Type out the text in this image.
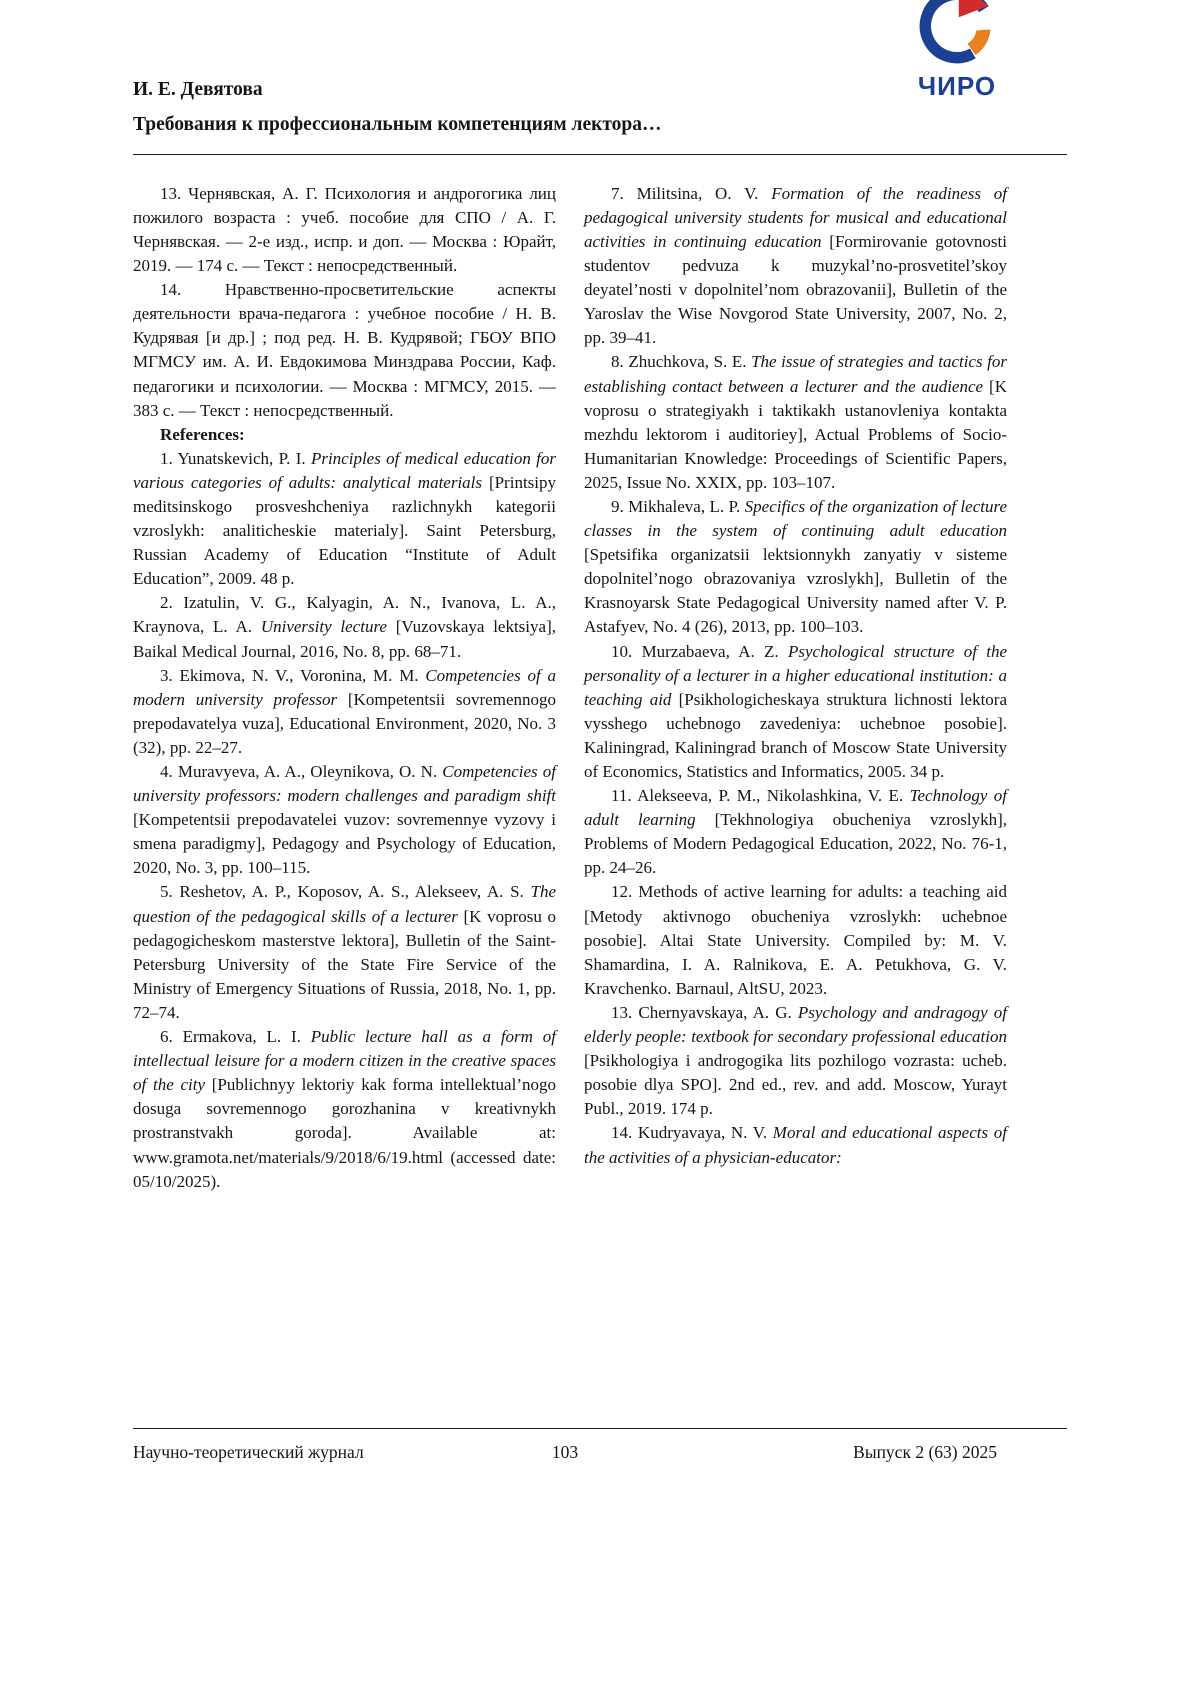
И. Е. Девятова
Требования к профессиональным компетенциям лектора…
ЧИРО

13. Чернявская, А. Г. Психология и андрогогика лиц пожилого возраста : учеб. пособие для СПО / А. Г. Чернявская. — 2-е изд., испр. и доп. — Москва : Юрайт, 2019. — 174 с. — Текст : непосредственный.

14. Нравственно-просветительские аспекты деятельности врача-педагога : учебное пособие / Н. В. Кудрявая [и др.] ; под ред. Н. В. Кудрявой; ГБОУ ВПО МГМСУ им. А. И. Евдокимова Минздрава России, Каф. педагогики и психологии. — Москва : МГМСУ, 2015. — 383 с. — Текст : непосредственный.

References:

1. Yunatskevich, P. I. Principles of medical education for various categories of adults: analytical materials [Printsipy meditsinskogo prosveshcheniya razlichnykh kategorii vzroslykh: analiticheskie materialy]. Saint Petersburg, Russian Academy of Education “Institute of Adult Education”, 2009. 48 p.

2. Izatulin, V. G., Kalyagin, A. N., Ivanova, L. A., Kraynova, L. A. University lecture [Vuzovskaya lektsiya], Baikal Medical Journal, 2016, No. 8, pp. 68–71.

3. Ekimova, N. V., Voronina, M. M. Competencies of a modern university professor [Kompetentsii sovremennogo prepodavatelya vuza], Educational Environment, 2020, No. 3 (32), pp. 22–27.

4. Muravyeva, A. A., Oleynikova, O. N. Competencies of university professors: modern challenges and paradigm shift [Kompetentsii prepodavatelei vuzov: sovremennye vyzovy i smena paradigmy], Pedagogy and Psychology of Education, 2020, No. 3, pp. 100–115.

5. Reshetov, A. P., Koposov, A. S., Alekseev, A. S. The question of the pedagogical skills of a lecturer [K voprosu o pedagogicheskom masterstve lektora], Bulletin of the Saint-Petersburg University of the State Fire Service of the Ministry of Emergency Situations of Russia, 2018, No. 1, pp. 72–74.

6. Ermakova, L. I. Public lecture hall as a form of intellectual leisure for a modern citizen in the creative spaces of the city [Publichnyy lektoriy kak forma intellektual’nogo dosuga sovremennogo gorozhanina v kreativnykh prostranstvakh goroda]. Available at: www.gramota.net/materials/9/2018/6/19.html (accessed date: 05/10/2025).

7. Militsina, O. V. Formation of the readiness of pedagogical university students for musical and educational activities in continuing education [Formirovanie gotovnosti studentov pedvuza k muzykal’no-prosvetitel’skoy deyatel’nosti v dopolnitel’nom obrazovanii], Bulletin of the Yaroslav the Wise Novgorod State University, 2007, No. 2, pp. 39–41.

8. Zhuchkova, S. E. The issue of strategies and tactics for establishing contact between a lecturer and the audience [K voprosu o strategiyakh i taktikakh ustanovleniya kontakta mezhdu lektorom i auditoriey], Actual Problems of Socio-Humanitarian Knowledge: Proceedings of Scientific Papers, 2025, Issue No. XXIX, pp. 103–107.

9. Mikhaleva, L. P. Specifics of the organization of lecture classes in the system of continuing adult education [Spetsifika organizatsii lektsionnykh zanyatiy v sisteme dopolnitel’nogo obrazovaniya vzroslykh], Bulletin of the Krasnoyarsk State Pedagogical University named after V. P. Astafyev, No. 4 (26), 2013, pp. 100–103.

10. Murzabaeva, A. Z. Psychological structure of the personality of a lecturer in a higher educational institution: a teaching aid [Psikhologicheskaya struktura lichnosti lektora vysshego uchebnogo zavedeniya: uchebnoe posobie]. Kaliningrad, Kaliningrad branch of Moscow State University of Economics, Statistics and Informatics, 2005. 34 p.

11. Alekseeva, P. M., Nikolashkina, V. E. Technology of adult learning [Tekhnologiya obucheniya vzroslykh], Problems of Modern Pedagogical Education, 2022, No. 76-1, pp. 24–26.

12. Methods of active learning for adults: a teaching aid [Metody aktivnogo obucheniya vzroslykh: uchebnoe posobie]. Altai State University. Compiled by: M. V. Shamardina, I. A. Ralnikova, E. A. Petukhova, G. V. Kravchenko. Barnaul, AltSU, 2023.

13. Chernyavskaya, A. G. Psychology and andragogy of elderly people: textbook for secondary professional education [Psikhologiya i androgogika lits pozhilogo vozrasta: ucheb. posobie dlya SPO]. 2nd ed., rev. and add. Moscow, Yurayt Publ., 2019. 174 p.

14. Kudryavaya, N. V. Moral and educational aspects of the activities of a physician-educator:

Научно-теоретический журнал	103	Выпуск 2 (63) 2025
